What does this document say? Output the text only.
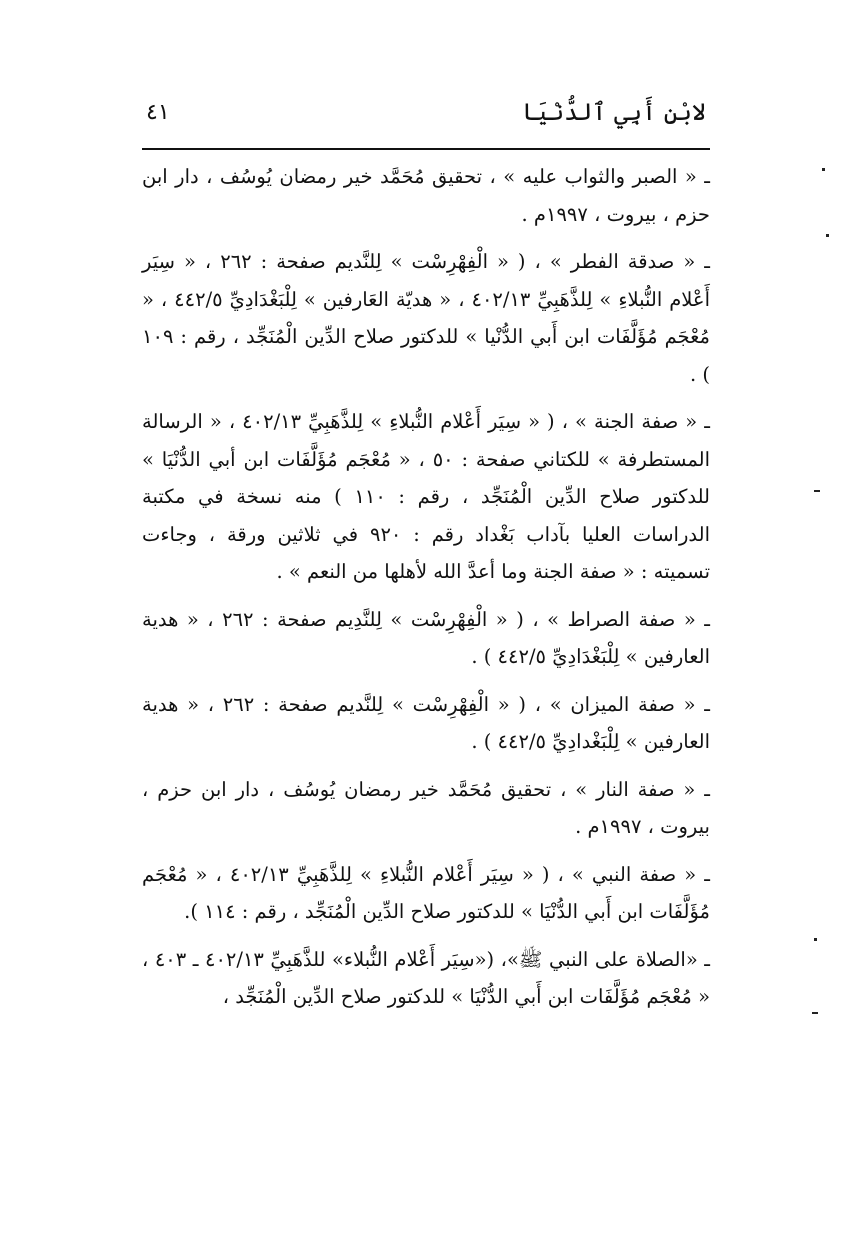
٤١	لابْنِ أَبِي ٱلدُّنْيَا

ـ « الصبر والثواب عليه » ، تحقيق مُحَمَّد خير رمضان يُوسُف ، دار ابن حزم ، بيروت ، ١٩٩٧م .

ـ « صدقة الفطر » ، ( « الْفِهْرِسْت » لِلنَّديم صفحة : ٢٦٢ ، « سِيَر أَعْلام النُّبلاءِ » لِلذَّهَبِيِّ ٤٠٢/١٣ ، « هديّة العَارفين » لِلْبَغْدَادِيِّ ٤٤٢/٥ ، « مُعْجَم مُؤَلَّفَات ابن أَبي الدُّنْيا » للدكتور صلاح الدِّين الْمُنَجِّد ، رقم : ١٠٩ ) .

ـ « صفة الجنة » ، ( « سِيَر أَعْلام النُّبلاءِ » لِلذَّهَبِيِّ ٤٠٢/١٣ ، « الرسالة المستطرفة » للكتاني صفحة : ٥٠ ، « مُعْجَم مُؤَلَّفَات ابن أبي الدُّنْيَا » للدكتور صلاح الدِّين الْمُنَجِّد ، رقم : ١١٠ ) منه نسخة في مكتبة الدراسات العليا بآداب بَغْداد رقم : ٩٢٠ في ثلاثين ورقة ، وجاءت تسميته : « صفة الجنة وما أعدَّ الله لأهلها من النعم » .

ـ « صفة الصراط » ، ( « الْفِهْرِسْت » لِلنَّدِيم صفحة : ٢٦٢ ، « هدية العارفين » لِلْبَغْدَادِيِّ ٤٤٢/٥ ) .

ـ « صفة الميزان » ، ( « الْفِهْرِسْت » لِلنَّديم صفحة : ٢٦٢ ، « هدية العارفين » لِلْبَغْدادِيِّ ٤٤٢/٥ ) .

ـ « صفة النار » ، تحقيق مُحَمَّد خير رمضان يُوسُف ، دار ابن حزم ، بيروت ، ١٩٩٧م .

ـ « صفة النبي » ، ( « سِيَر أَعْلام النُّبلاءِ » لِلذَّهَبِيِّ ٤٠٢/١٣ ، « مُعْجَم مُؤَلَّفَات ابن أَبي الدُّنْيَا » للدكتور صلاح الدِّين الْمُنَجِّد ، رقم : ١١٤ ).

ـ «الصلاة على النبي ﷺ»، («سِيَر أَعْلام النُّبلاء» للذَّهَبِيِّ ٤٠٢/١٣ ـ ٤٠٣ ، « مُعْجَم مُؤَلَّفَات ابن أَبي الدُّنْيَا » للدكتور صلاح الدِّين الْمُنَجِّد ،
